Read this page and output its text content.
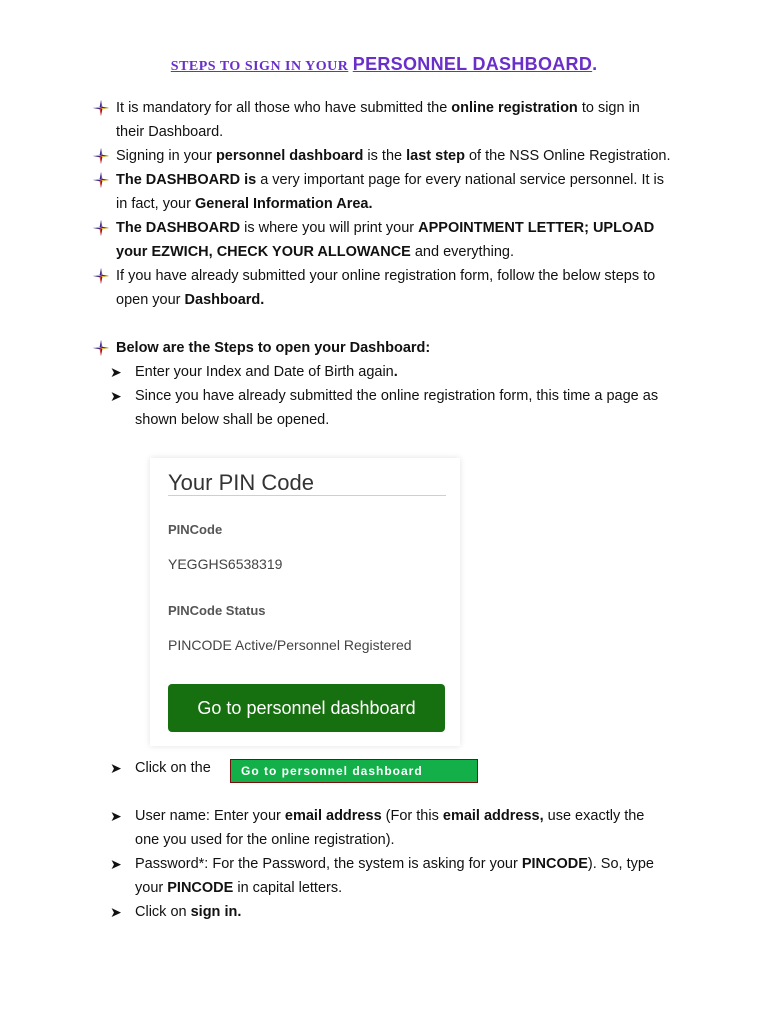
STEPS TO SIGN IN YOUR PERSONNEL DASHBOARD.
It is mandatory for all those who have submitted the online registration to sign in their Dashboard.
Signing in your personnel dashboard is the last step of the NSS Online Registration.
The DASHBOARD is a very important page for every national service personnel. It is in fact, your General Information Area.
The DASHBOARD is where you will print your APPOINTMENT LETTER; UPLOAD your EZWICH, CHECK YOUR ALLOWANCE and everything.
If you have already submitted your online registration form, follow the below steps to open your Dashboard.
Below are the Steps to open your Dashboard:
➤ Enter your Index and Date of Birth again.
➤ Since you have already submitted the online registration form, this time a page as shown below shall be opened.
Your PIN Code
PINCode
YEGGHS6538319
PINCode Status
PINCODE Active/Personnel Registered
Go to personnel dashboard
➤ Click on the
➤ User name: Enter your email address (For this email address, use exactly the one you used for the online registration).
➤ Password*: For the Password, the system is asking for your PINCODE). So, type your PINCODE in capital letters.
➤ Click on sign in.
Go to personnel dashboard
